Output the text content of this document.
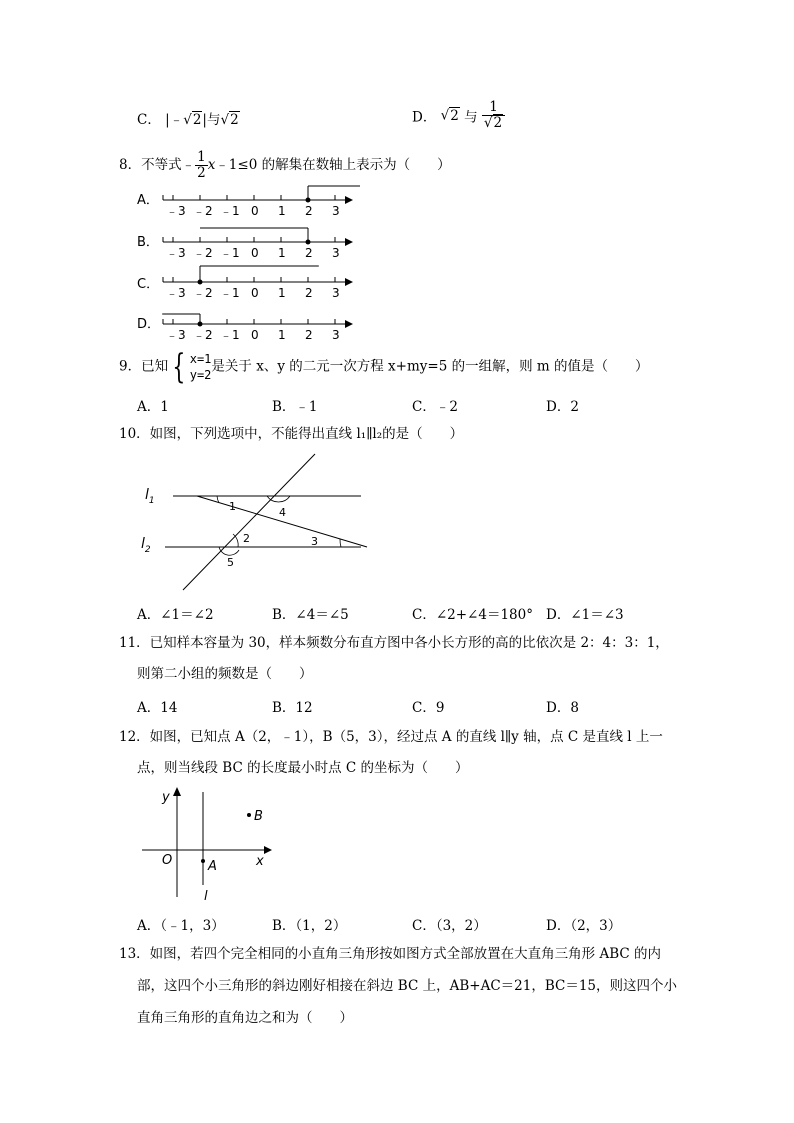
C． |﹣√2|与√2	D． √2 与 $\frac{1}{√2}$
8．不等式﹣ $\frac{1}{2}$ x﹣1≤0 的解集在数轴上表示为（　　）
A．
B．
C．
D．
﹣3 ﹣2 ﹣1 0 1 2 3
﹣3 ﹣2 ﹣1 0 1 2 3
﹣3 ﹣2 ﹣1 0 1 2 3
﹣3 ﹣2 ﹣1 0 1 2 3
9．已知 { x=1
y=2
是关于 x、y 的二元一次方程 x+my=5 的一组解，则 m 的值是（　　）
A．1	B．﹣1	C．﹣2	D．2
10．如图，下列选项中，不能得出直线 l₁∥l₂的是（　　）
$l_1$
$l_2$
1	4
2	3
5
A．∠1＝∠2	B．∠4＝∠5	C．∠2+∠4＝180° D．∠1＝∠3
11．已知样本容量为 30，样本频数分布直方图中各小长方形的高的比依次是 2：4：3：1，
则第二小组的频数是（　　）
A．14	B．12	C．9	D．8
12．如图，已知点 A（2，﹣1），B（5，3），经过点 A 的直线 l∥y 轴，点 C 是直线 l 上一
点，则当线段 BC 的长度最小时点 C 的坐标为（　　）
y
x
O	A
B
l
A．（﹣1，3）	B．（1，2）	C．（3，2）	D．（2，3）
13．如图，若四个完全相同的小直角三角形按如图方式全部放置在大直角三角形 ABC 的内
部，这四个小三角形的斜边刚好相接在斜边 BC 上，AB+AC＝21，BC＝15，则这四个小
直角三角形的直角边之和为（　　）
